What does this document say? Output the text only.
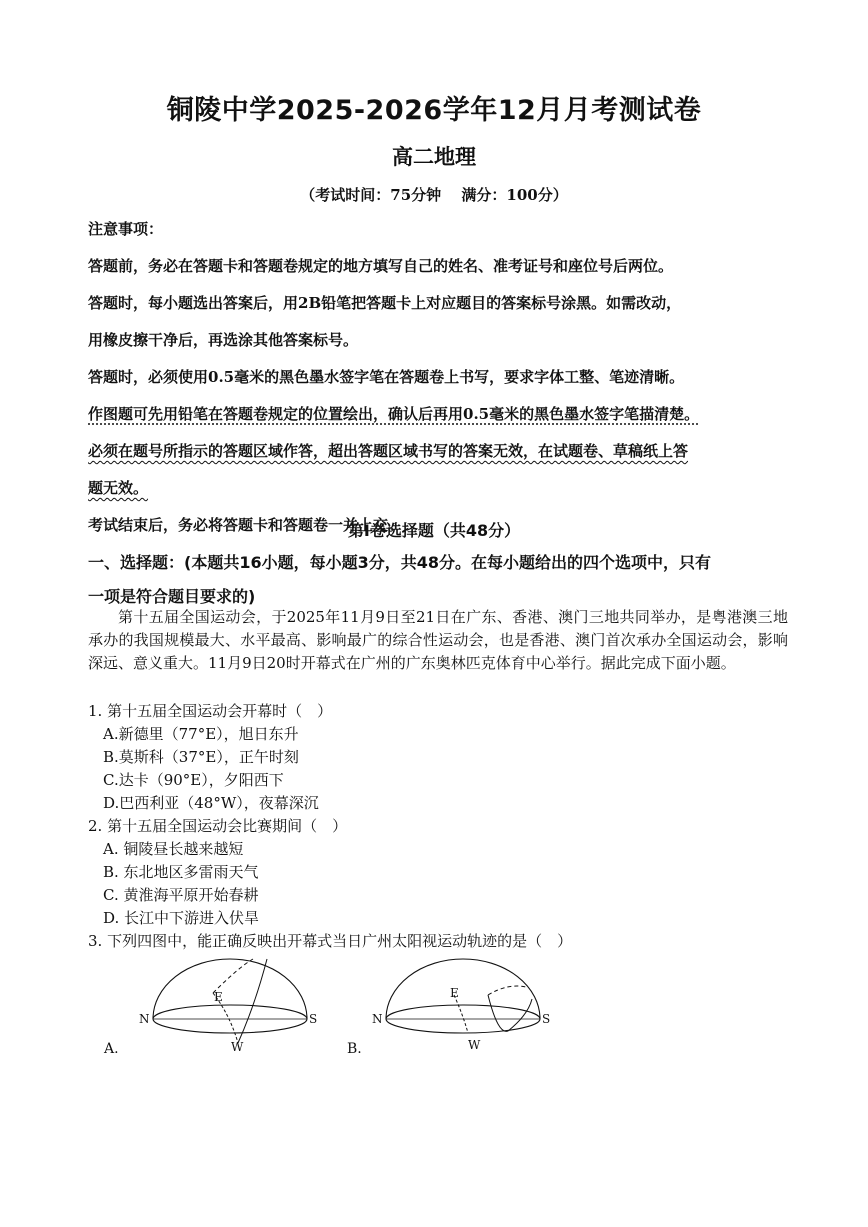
铜陵中学2025-2026学年12月月考测试卷
高二地理
（考试时间：75分钟　 满分：100分）

注意事项：

答题前，务必在答题卡和答题卷规定的地方填写自己的姓名、准考证号和座位号后两位。

答题时，每小题选出答案后，用2B铅笔把答题卡上对应题目的答案标号涂黑。如需改动，

用橡皮擦干净后，再选涂其他答案标号。

答题时，必须使用0.5毫米的黑色墨水签字笔在答题卷上书写，要求字体工整、笔迹清晰。

作图题可先用铅笔在答题卷规定的位置绘出，确认后再用0.5毫米的黑色墨水签字笔描清楚。

必须在题号所指示的答题区域作答，超出答题区域书写的答案无效，在试题卷、草稿纸上答

题无效。

考试结束后，务必将答题卡和答题卷一并上交。

第Ⅰ卷选择题（共48分）
一、选择题：(本题共16小题，每小题3分，共48分。在每小题给出的四个选项中，只有
一项是符合题目要求的)
第十五届全国运动会，于2025年11月9日至21日在广东、香港、澳门三地共同举办，是粤港澳三地承办的我国规模最大、水平最高、影响最广的综合性运动会，也是香港、澳门首次承办全国运动会，影响深远、意义重大。11月9日20时开幕式在广州的广东奥林匹克体育中心举行。据此完成下面小题。
1. 第十五届全国运动会开幕时（　）
A.新德里（77°E），旭日东升
B.莫斯科（37°E），正午时刻
C.达卡（90°E），夕阳西下
D.巴西利亚（48°W），夜幕深沉
2. 第十五届全国运动会比赛期间（　）
A. 铜陵昼长越来越短
B. 东北地区多雷雨天气
C. 黄淮海平原开始春耕
D. 长江中下游进入伏旱
3. 下列四图中，能正确反映出开幕式当日广州太阳视运动轨迹的是（　）
N	S
E
W
A.
N	S
E
W
B.
